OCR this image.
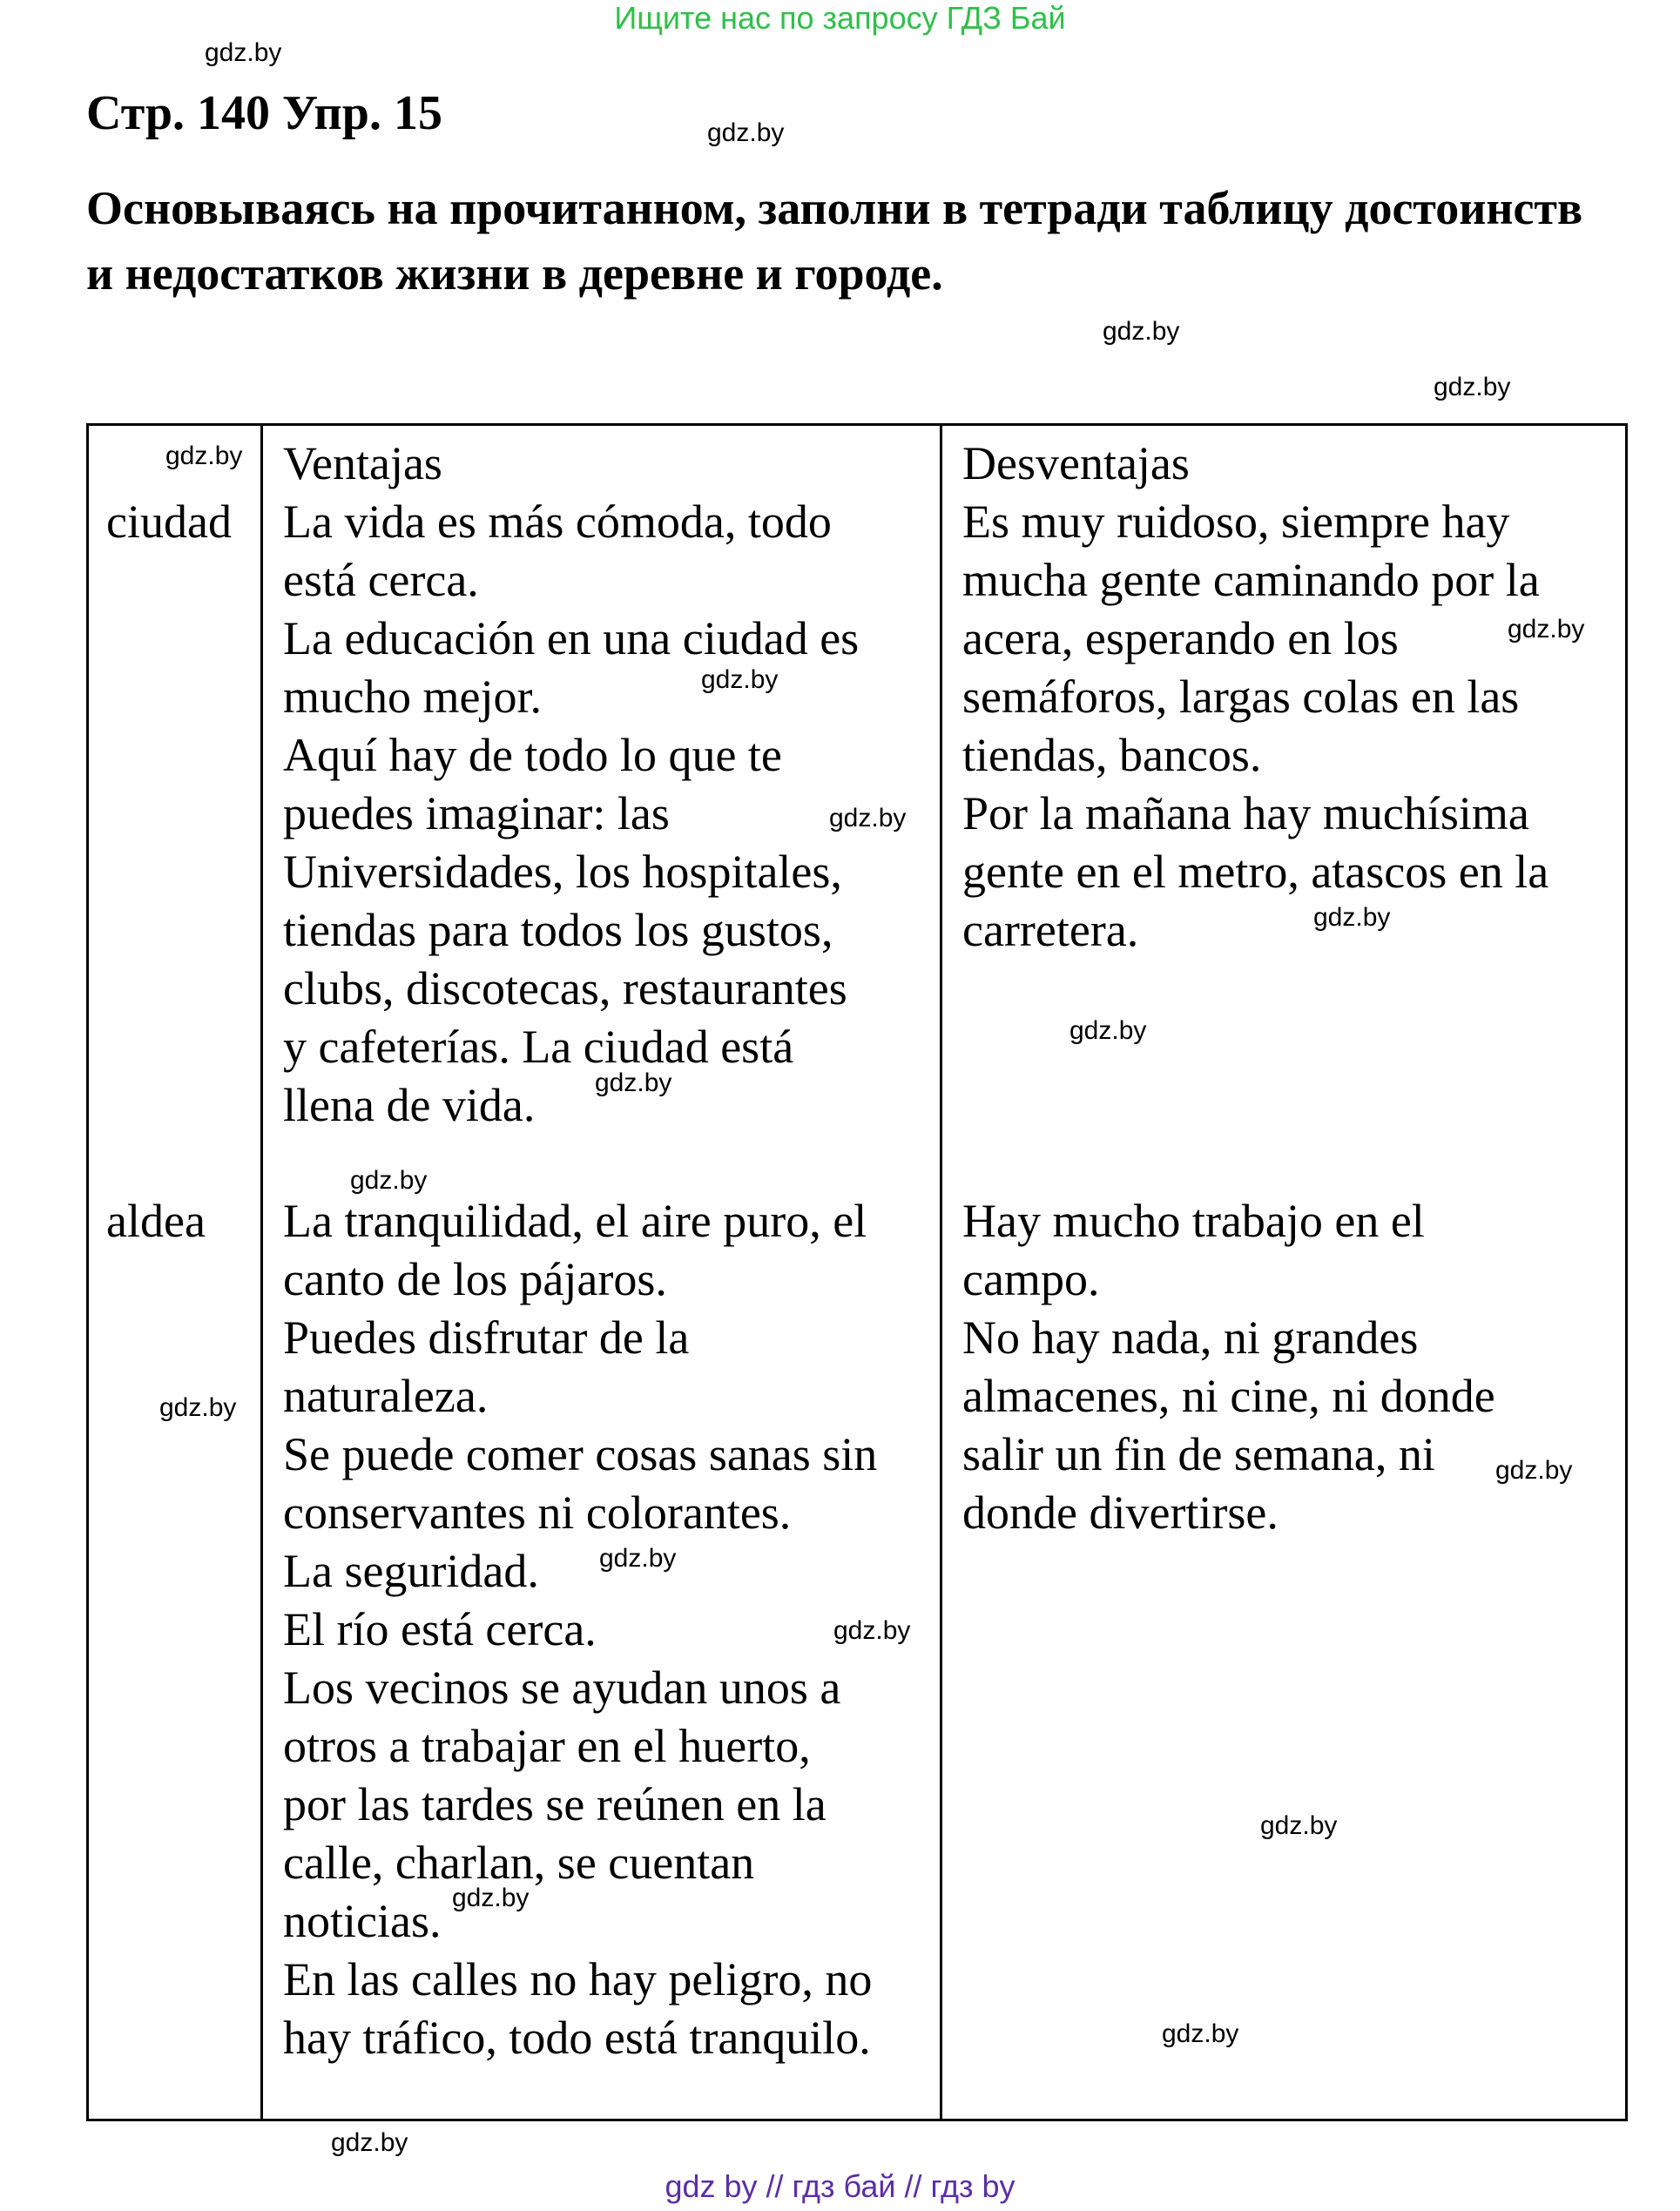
Ищите нас по запросу ГДЗ Бай
gdz.by
Стр. 140 Упр. 15	gdz.by
Основываясь на прочитанном, заполни в тетради таблицу достоинств и недостатков жизни в деревне и городе.
gdz.by
gdz.by
Ventajas	Desventajas
ciudad La vida es más cómoda, todo
está cerca.
La educación en una ciudad es
mucho mejor.
Aquí hay de todo lo que te
puedes imaginar: las
Universidades, los hospitales,
tiendas para todos los gustos,
clubs, discotecas, restaurantes
y cafeterías. La ciudad está
llena de vida.
Es muy ruidoso, siempre hay
mucha gente caminando por la
acera, esperando en los
semáforos, largas colas en las
tiendas, bancos.
Por la mañana hay muchísima
gente en el metro, atascos en la
carretera.
aldea La tranquilidad, el aire puro, el
canto de los pájaros.
Puedes disfrutar de la
naturaleza.
Se puede comer cosas sanas sin
conservantes ni colorantes.
La seguridad.
El río está cerca.
Los vecinos se ayudan unos a
otros a trabajar en el huerto,
por las tardes se reúnen en la
calle, charlan, se cuentan
noticias.
En las calles no hay peligro, no
hay tráfico, todo está tranquilo.
Hay mucho trabajo en el
campo.
No hay nada, ni grandes
almacenes, ni cine, ni donde
salir un fin de semana, ni
donde divertirse.
gdz.by
gdz.by
gdz.by
gdz.by
gdz.by
gdz.by
gdz.by
gdz.by
gdz.by
gdz.by
gdz.by
gdz.by
gdz.by
gdz.by
gdz.by
gdz.by
gdz by // гдз бай // гдз by
